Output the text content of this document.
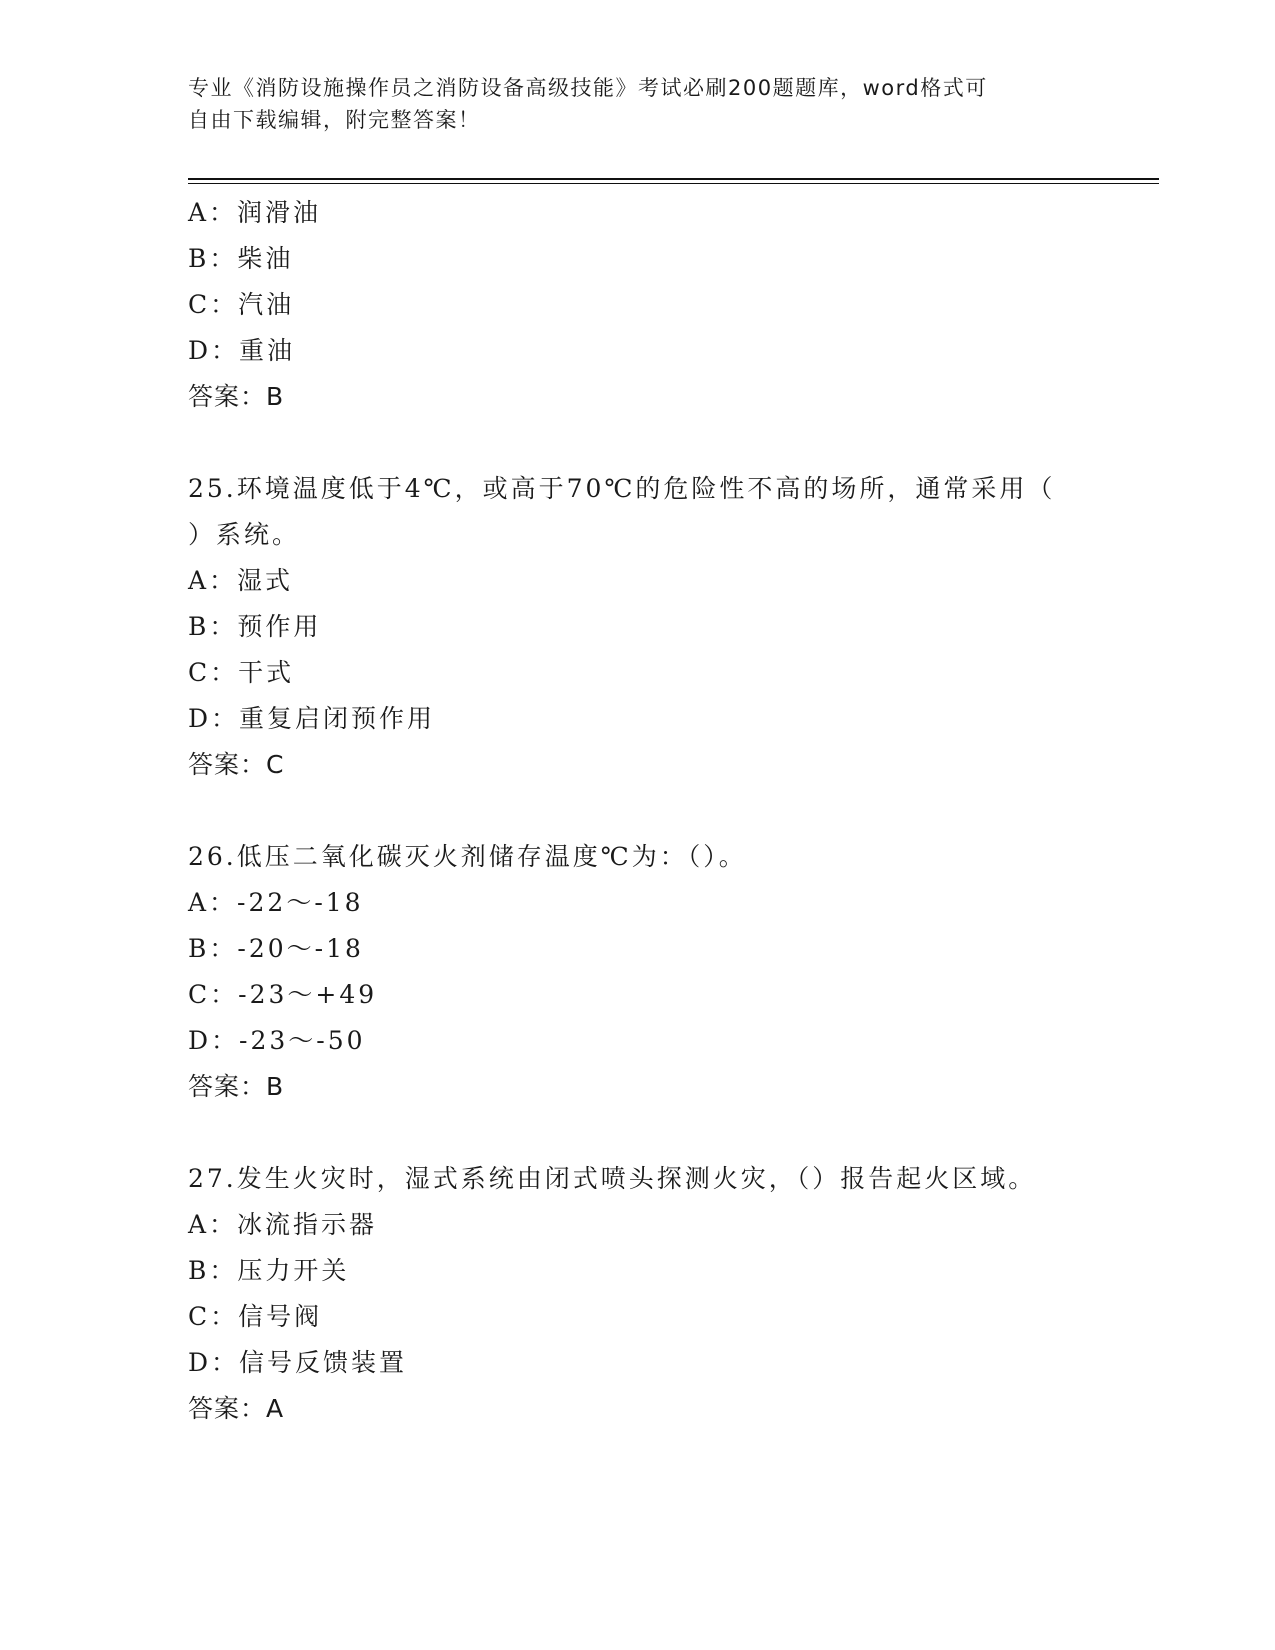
专业《消防设施操作员之消防设备高级技能》考试必刷200题题库，word格式可
自由下载编辑，附完整答案！
A：润滑油
B：柴油
C：汽油
D：重油
答案：B
25.环境温度低于4℃，或高于70℃的危险性不高的场所，通常采用（
）系统。
A：湿式
B：预作用
C：干式
D：重复启闭预作用
答案：C
26.低压二氧化碳灭火剂储存温度℃为：（）。
A：-22～-18
B：-20～-18
C：-23～+49
D：-23～-50
答案：B
27.发生火灾时，湿式系统由闭式喷头探测火灾，（）报告起火区域。
A：冰流指示器
B：压力开关
C：信号阀
D：信号反馈装置
答案：A
